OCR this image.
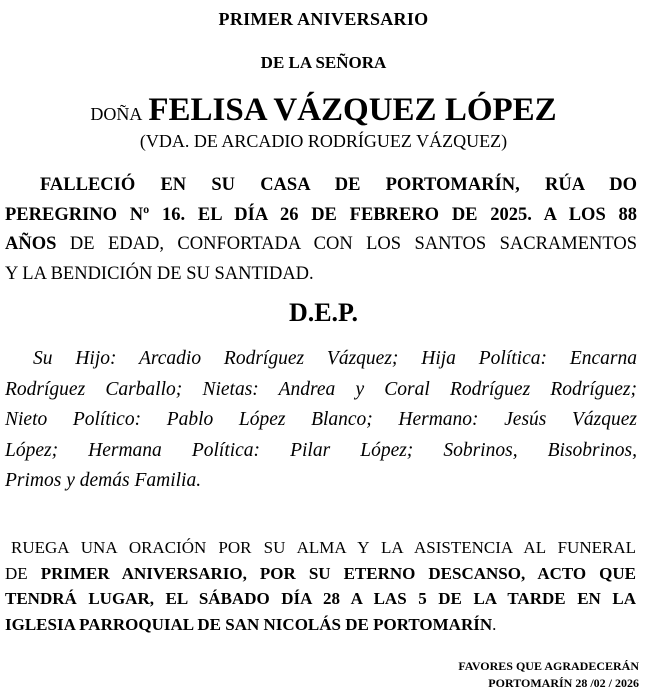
PRIMER ANIVERSARIO
DE LA SEÑORA
DOÑA FELISA VÁZQUEZ LÓPEZ
(VDA. DE ARCADIO RODRÍGUEZ VÁZQUEZ)
FALLECIÓ EN SU CASA DE PORTOMARÍN, RÚA DO
PEREGRINO Nº 16. EL DÍA 26 DE FEBRERO DE 2025. A LOS 88
AÑOS DE EDAD, CONFORTADA CON LOS SANTOS SACRAMENTOS
Y LA BENDICIÓN DE SU SANTIDAD.
D.E.P.
Su Hijo: Arcadio Rodríguez Vázquez; Hija Política: Encarna
Rodríguez Carballo; Nietas: Andrea y Coral Rodríguez Rodríguez;
Nieto Político: Pablo López Blanco; Hermano: Jesús Vázquez
López; Hermana Política: Pilar López; Sobrinos, Bisobrinos,
Primos y demás Familia.
RUEGA UNA ORACIÓN POR SU ALMA Y LA ASISTENCIA AL FUNERAL
DE PRIMER ANIVERSARIO, POR SU ETERNO DESCANSO, ACTO QUE
TENDRÁ LUGAR, EL SÁBADO DÍA 28 A LAS 5 DE LA TARDE EN LA
IGLESIA PARROQUIAL DE SAN NICOLÁS DE PORTOMARÍN.
FAVORES QUE AGRADECERÁN
PORTOMARÍN 28 /02 / 2026
